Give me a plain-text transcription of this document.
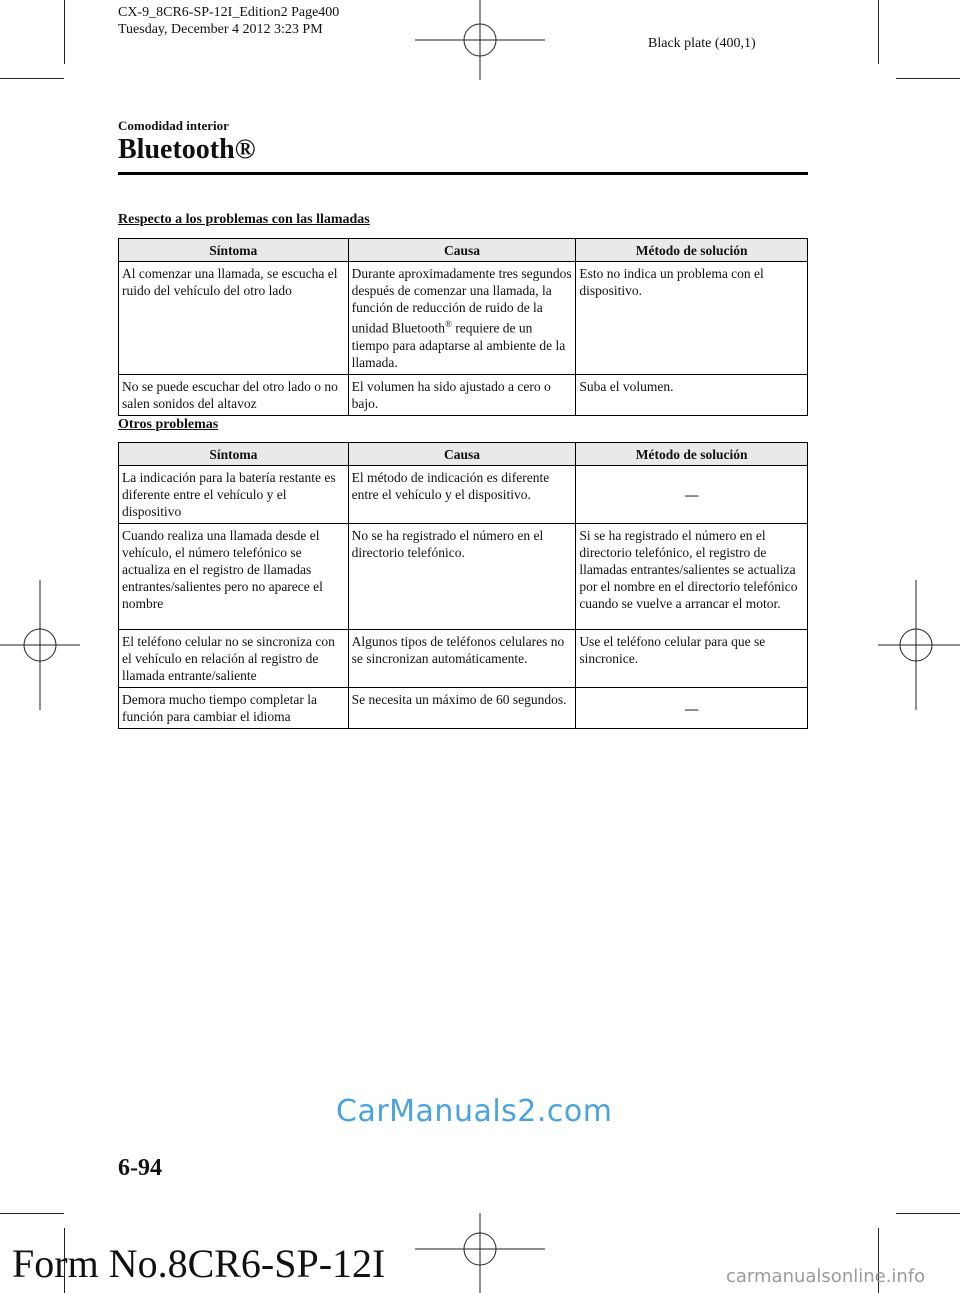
CX-9_8CR6-SP-12I_Edition2 Page400
Tuesday, December 4 2012 3:23 PM
Black plate (400,1)
Comodidad interior
Bluetooth®
Respecto a los problemas con las llamadas
Síntoma	Causa	Método de solución
Al comenzar una llamada, se escucha el ruido del vehículo del otro lado	Durante aproximadamente tres segundos después de comenzar una llamada, la función de reducción de ruido de la unidad Bluetooth® requiere de un tiempo para adaptarse al ambiente de la llamada.	Esto no indica un problema con el dispositivo.
No se puede escuchar del otro lado o no salen sonidos del altavoz	El volumen ha sido ajustado a cero o bajo.	Suba el volumen.
Otros problemas
Síntoma	Causa	Método de solución
La indicación para la batería restante es diferente entre el vehículo y el dispositivo	El método de indicación es diferente entre el vehículo y el dispositivo.	―
Cuando realiza una llamada desde el vehículo, el número telefónico se actualiza en el registro de llamadas entrantes/salientes pero no aparece el nombre	No se ha registrado el número en el directorio telefónico.	Si se ha registrado el número en el directorio telefónico, el registro de llamadas entrantes/salientes se actualiza por el nombre en el directorio telefónico cuando se vuelve a arrancar el motor.
El teléfono celular no se sincroniza con el vehículo en relación al registro de llamada entrante/saliente	Algunos tipos de teléfonos celulares no se sincronizan automáticamente.	Use el teléfono celular para que se sincronice.
Demora mucho tiempo completar la función para cambiar el idioma	Se necesita un máximo de 60 segundos.	―
CarManuals2.com
6-94
Form No.8CR6-SP-12I	carmanualsonline.info
